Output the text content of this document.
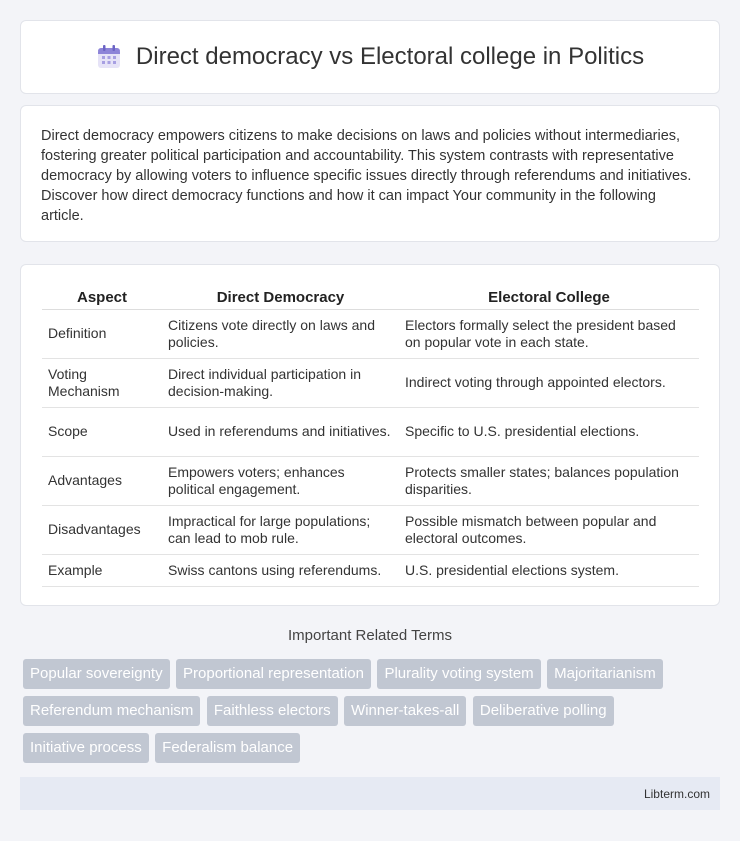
Direct democracy vs Electoral college in Politics

Direct democracy empowers citizens to make decisions on laws and policies without intermediaries, fostering greater political participation and accountability. This system contrasts with representative democracy by allowing voters to influence specific issues directly through referendums and initiatives. Discover how direct democracy functions and how it can impact Your community in the following article.

Aspect	Direct Democracy	Electoral College
Definition	Citizens vote directly on laws and policies.	Electors formally select the president based on popular vote in each state.
Voting Mechanism	Direct individual participation in decision-making.	Indirect voting through appointed electors.
Scope	Used in referendums and initiatives.	Specific to U.S. presidential elections.
Advantages	Empowers voters; enhances political engagement.	Protects smaller states; balances population disparities.
Disadvantages	Impractical for large populations; can lead to mob rule.	Possible mismatch between popular and electoral outcomes.
Example	Swiss cantons using referendums.	U.S. presidential elections system.
Important Related Terms
Popular sovereignty Proportional representation Plurality voting system Majoritarianism Referendum mechanism Faithless electors Winner-takes-all Deliberative polling Initiative process Federalism balance
Libterm.com
